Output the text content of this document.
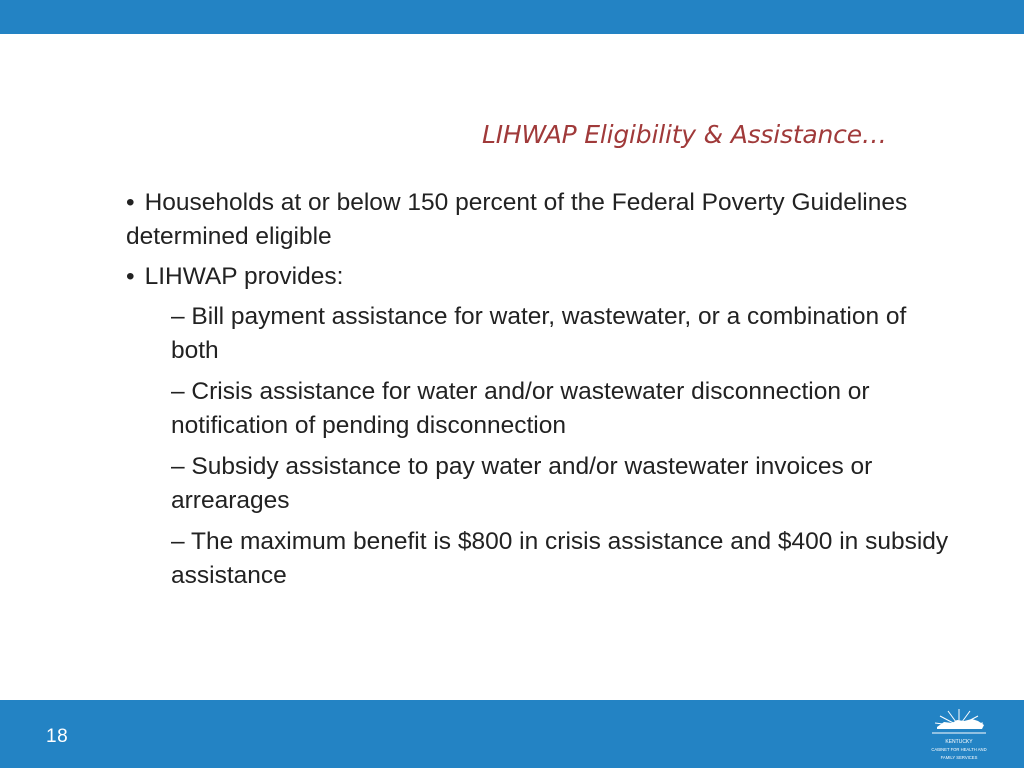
LIHWAP Eligibility & Assistance…
• Households at or below 150 percent of the Federal Poverty Guidelines determined eligible
• LIHWAP provides:
– Bill payment assistance for water, wastewater, or a combination of both
– Crisis assistance for water and/or wastewater disconnection or notification of pending disconnection
– Subsidy assistance to pay water and/or wastewater invoices or arrearages
– The maximum benefit is $800 in crisis assistance and $400 in subsidy assistance
18	KENTUCKY
CABINET FOR HEALTH AND
FAMILY SERVICES
